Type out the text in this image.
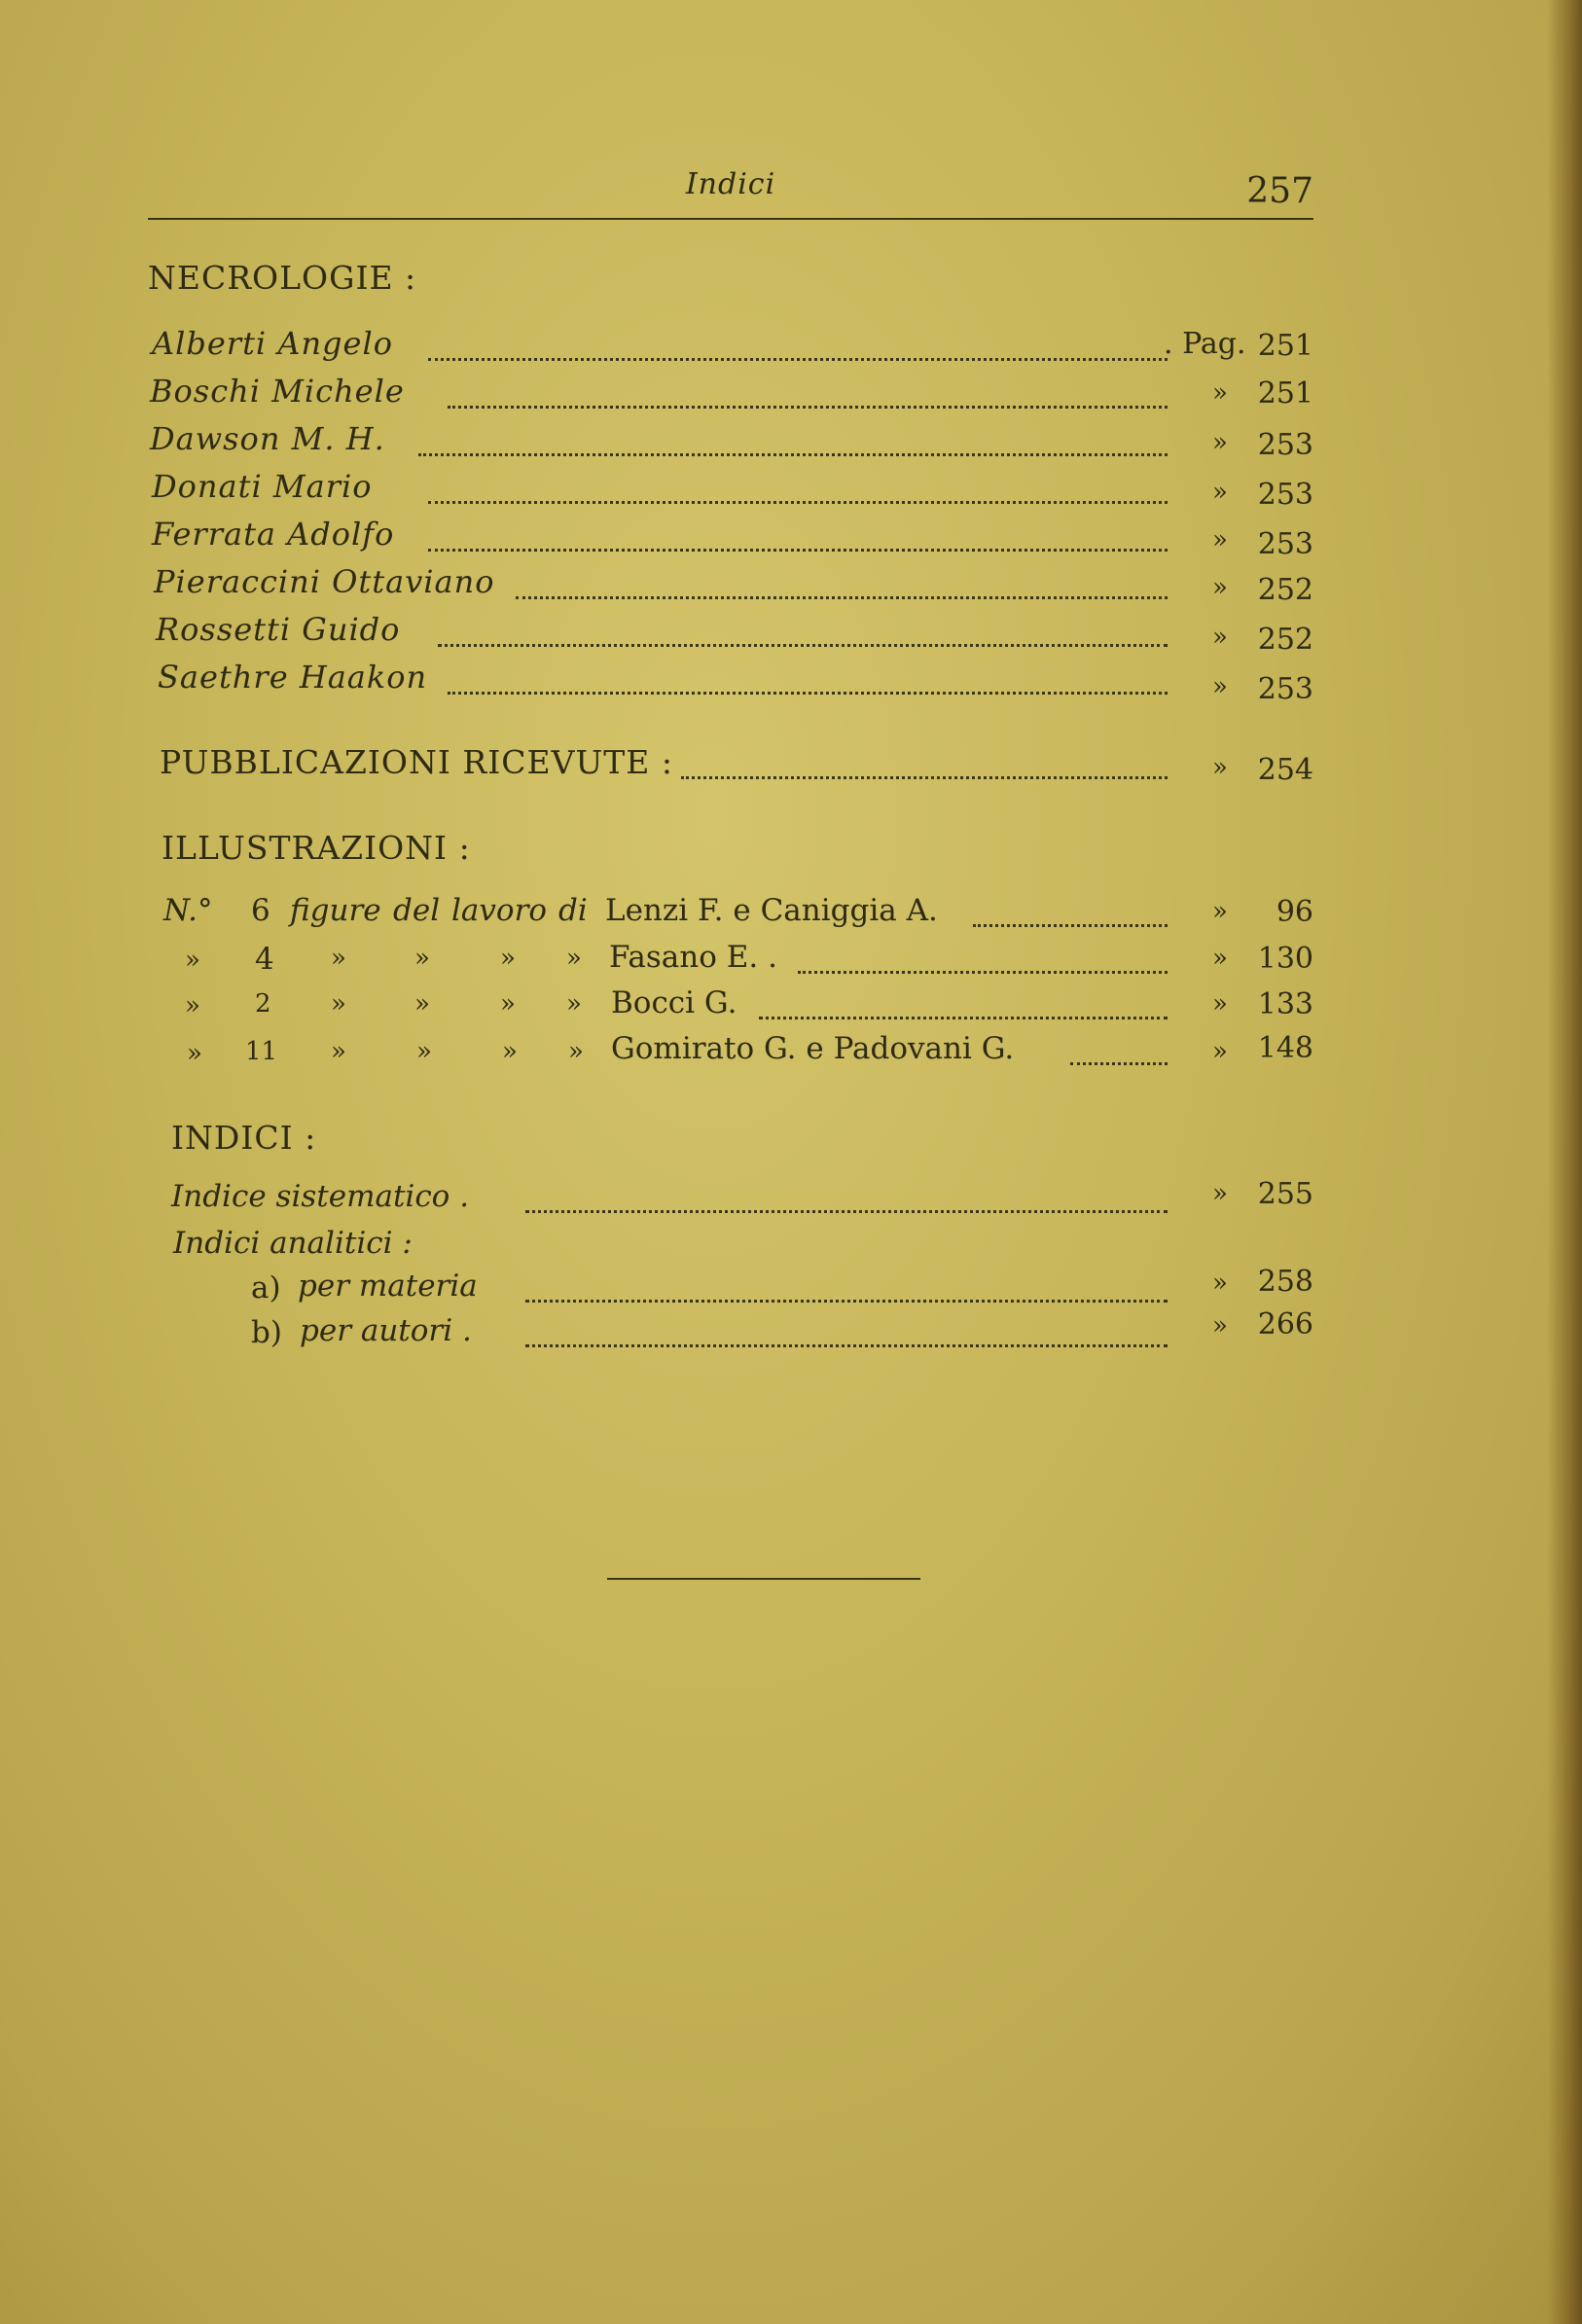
Indici	257
NECROLOGIE :
Alberti Angelo	. Pag. 251
Boschi Michele	»	251
Dawson M. H.	»	253
Donati Mario	»	253
Ferrata Adolfo	»	253
Pieraccini Ottaviano	»	252
Rossetti Guido	»	252
Saethre Haakon	»	253
PUBBLICAZIONI RICEVUTE :	»	254
ILLUSTRAZIONI :
N.° 6 figure del lavoro di Lenzi F. e Caniggia A.	»	96
» 4 »	»	» » Fasano E. .	»	130
» 2 »	»	» » Bocci G.	»	133
» 11 »	»	» » Gomirato G. e Padovani G.	»	148
INDICI :
Indice sistematico .	»	255
Indici analitici :
a) per materia	»	258
b) per autori .	»	266
